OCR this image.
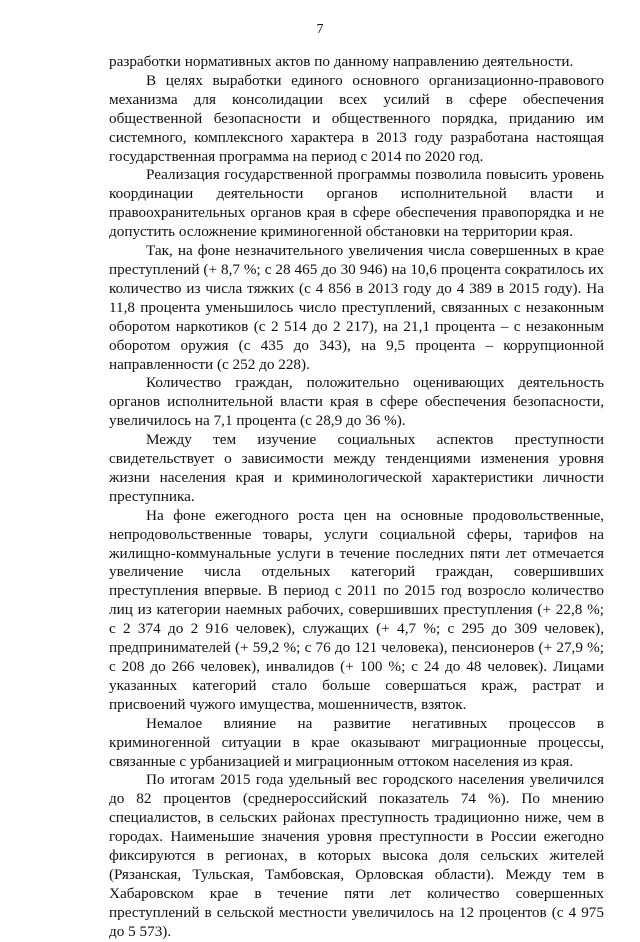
7

разработки нормативных актов по данному направлению деятельности.

В целях выработки единого основного организационно-правового механизма для консолидации всех усилий в сфере обеспечения общественной безопасности и общественного порядка, приданию им системного, комплексного характера в 2013 году разработана настоящая государственная программа на период с 2014 по 2020 год.

Реализация государственной программы позволила повысить уровень координации деятельности органов исполнительной власти и правоохранительных органов края в сфере обеспечения правопорядка и не допустить осложнение криминогенной обстановки на территории края.

Так, на фоне незначительного увеличения числа совершенных в крае преступлений (+ 8,7 %; с 28 465 до 30 946) на 10,6 процента сократилось их количество из числа тяжких (с 4 856 в 2013 году до 4 389 в 2015 году). На 11,8 процента уменьшилось число преступлений, связанных с незаконным оборотом наркотиков (с 2 514 до 2 217), на 21,1 процента – с незаконным оборотом оружия (с 435 до 343), на 9,5 процента – коррупционной направленности (с 252 до 228).

Количество граждан, положительно оценивающих деятельность органов исполнительной власти края в сфере обеспечения безопасности, увеличилось на 7,1 процента (с 28,9 до 36 %).

Между тем изучение социальных аспектов преступности свидетельствует о зависимости между тенденциями изменения уровня жизни населения края и криминологической характеристики личности преступника.

На фоне ежегодного роста цен на основные продовольственные, непродовольственные товары, услуги социальной сферы, тарифов на жилищно-коммунальные услуги в течение последних пяти лет отмечается увеличение числа отдельных категорий граждан, совершивших преступления впервые. В период с 2011 по 2015 год возросло количество лиц из категории наемных рабочих, совершивших преступления (+ 22,8 %; с 2 374 до 2 916 человек), служащих (+ 4,7 %; с 295 до 309 человек), предпринимателей (+ 59,2 %; с 76 до 121 человека), пенсионеров (+ 27,9 %; с 208 до 266 человек), инвалидов (+ 100 %; с 24 до 48 человек). Лицами указанных категорий стало больше совершаться краж, растрат и присвоений чужого имущества, мошенничеств, взяток.

Немалое влияние на развитие негативных процессов в криминогенной ситуации в крае оказывают миграционные процессы, связанные с урбанизацией и миграционным оттоком населения из края.

По итогам 2015 года удельный вес городского населения увеличился до 82 процентов (среднероссийский показатель 74 %). По мнению специалистов, в сельских районах преступность традиционно ниже, чем в городах. Наименьшие значения уровня преступности в России ежегодно фиксируются в регионах, в которых высока доля сельских жителей (Рязанская, Тульская, Тамбовская, Орловская области). Между тем в Хабаровском крае в течение пяти лет количество совершенных преступлений в сельской местности увеличилось на 12 процентов (с 4 975 до 5 573).
